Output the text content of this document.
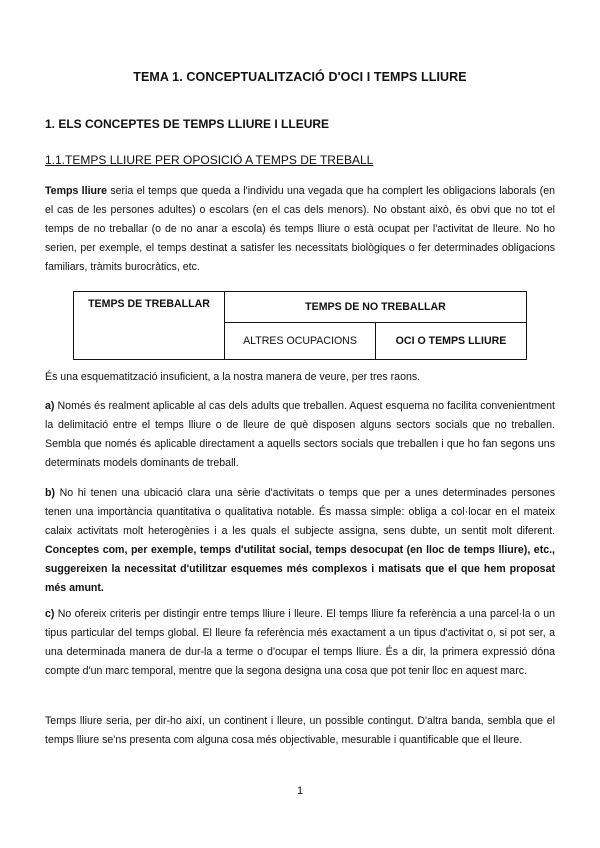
TEMA 1. CONCEPTUALITZACIÓ D'OCI I TEMPS LLIURE
1. ELS CONCEPTES DE TEMPS LLIURE I LLEURE
1.1.TEMPS LLIURE PER OPOSICIÓ A TEMPS DE TREBALL

Temps lliure seria el temps que queda a l'individu una vegada que ha complert les obligacions laborals (en el cas de les persones adultes) o escolars (en el cas dels menors). No obstant això, és obvi que no tot el temps de no treballar (o de no anar a escola) és temps lliure o està ocupat per l'activitat de lleure. No ho serien, per exemple, el temps destinat a satisfer les necessitats biològiques o fer determinades obligacions familiars, tràmits burocràtics, etc.

TEMPS DE TREBALLAR	TEMPS DE NO TREBALLAR	
	ALTRES OCUPACIONS	OCI O TEMPS LLIURE

És una esquematització insuficient, a la nostra manera de veure, per tres raons.

a) Només és realment aplicable al cas dels adults que treballen. Aquest esquema no facilita convenientment la delimitació entre el temps lliure o de lleure de què disposen alguns sectors socials que no treballen. Sembla que només és aplicable directament a aquells sectors socials que treballen i que ho fan segons uns determinats models dominants de treball.

b) No hi tenen una ubicació clara una sèrie d'activitats o temps que per a unes determinades persones tenen una importància quantitativa o qualitativa notable. És massa simple: obliga a col·locar en el mateix calaix activitats molt heterogènies i a les quals el subjecte assigna, sens dubte, un sentit molt diferent. Conceptes com, per exemple, temps d'utilitat social, temps desocupat (en lloc de temps lliure), etc., suggereixen la necessitat d'utilitzar esquemes més complexos i matisats que el que hem proposat més amunt.

c) No ofereix criteris per distingir entre temps lliure i lleure. El temps lliure fa referència a una parcel·la o un tipus particular del temps global. El lleure fa referència més exactament a un tipus d'activitat o, si pot ser, a una determinada manera de dur-la a terme o d'ocupar el temps lliure. És a dir, la primera expressió dóna compte d'un marc temporal, mentre que la segona designa una cosa que pot tenir lloc en aquest marc.

Temps lliure seria, per dir-ho així, un continent i lleure, un possible contingut. D'altra banda, sembla que el temps lliure se'ns presenta com alguna cosa més objectivable, mesurable i quantificable que el lleure.

1
